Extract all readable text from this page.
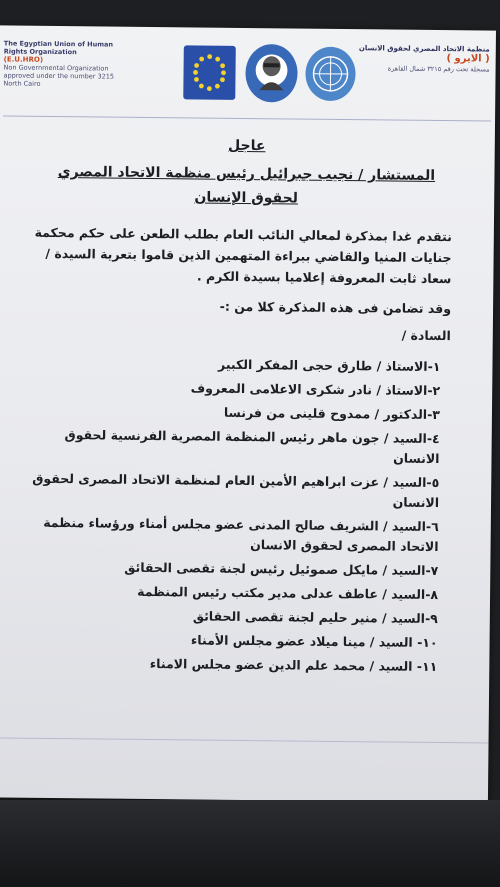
The Egyptian Union of Human
Rights Organization
(E.U.HRO)
Non Governmental Organization
approved under the number 3215
North Cairo
منظمة الاتحاد المصري لحقوق الانسان
( الايرو )
مسجلة تحت رقم ٣٢١٥ شمال القاهرة
عاجل
المستشار / نجيب جبرائيل رئيس منظمة الاتحاد المصري
لحقوق الإنسان
نتقدم غدا بمذكرة لمعالي النائب العام بطلب الطعن على حكم محكمة جنايات المنيا والقاضي ببراءة المتهمين الذين قاموا بتعرية السيدة / سعاد ثابت المعروفة إعلاميا بسيدة الكرم .
وقد تضامن فى هذه المذكرة كلا من :-
السادة /
١-الاستاذ / طارق حجى المفكر الكبير
٢-الاستاذ / نادر شكرى الاعلامى المعروف
٣-الدكتور / ممدوح قلينى من فرنسا
٤-السيد / جون ماهر رئيس المنظمة المصرية الفرنسية لحقوق الانسان
٥-السيد / عزت ابراهيم الأمين العام لمنظمة الاتحاد المصرى لحقوق الانسان
٦-السيد / الشريف صالح المدنى عضو مجلس أمناء ورؤساء منظمة الاتحاد المصرى لحقوق الانسان
٧-السيد / مايكل صموئيل رئيس لجنة تقصى الحقائق
٨-السيد / عاطف عدلى مدير مكتب رئيس المنظمة
٩-السيد / منير حليم لجنة تقصى الحقائق
١٠- السيد / مينا ميلاد عضو مجلس الأمناء
١١- السيد / محمد علم الدين عضو مجلس الامناء
